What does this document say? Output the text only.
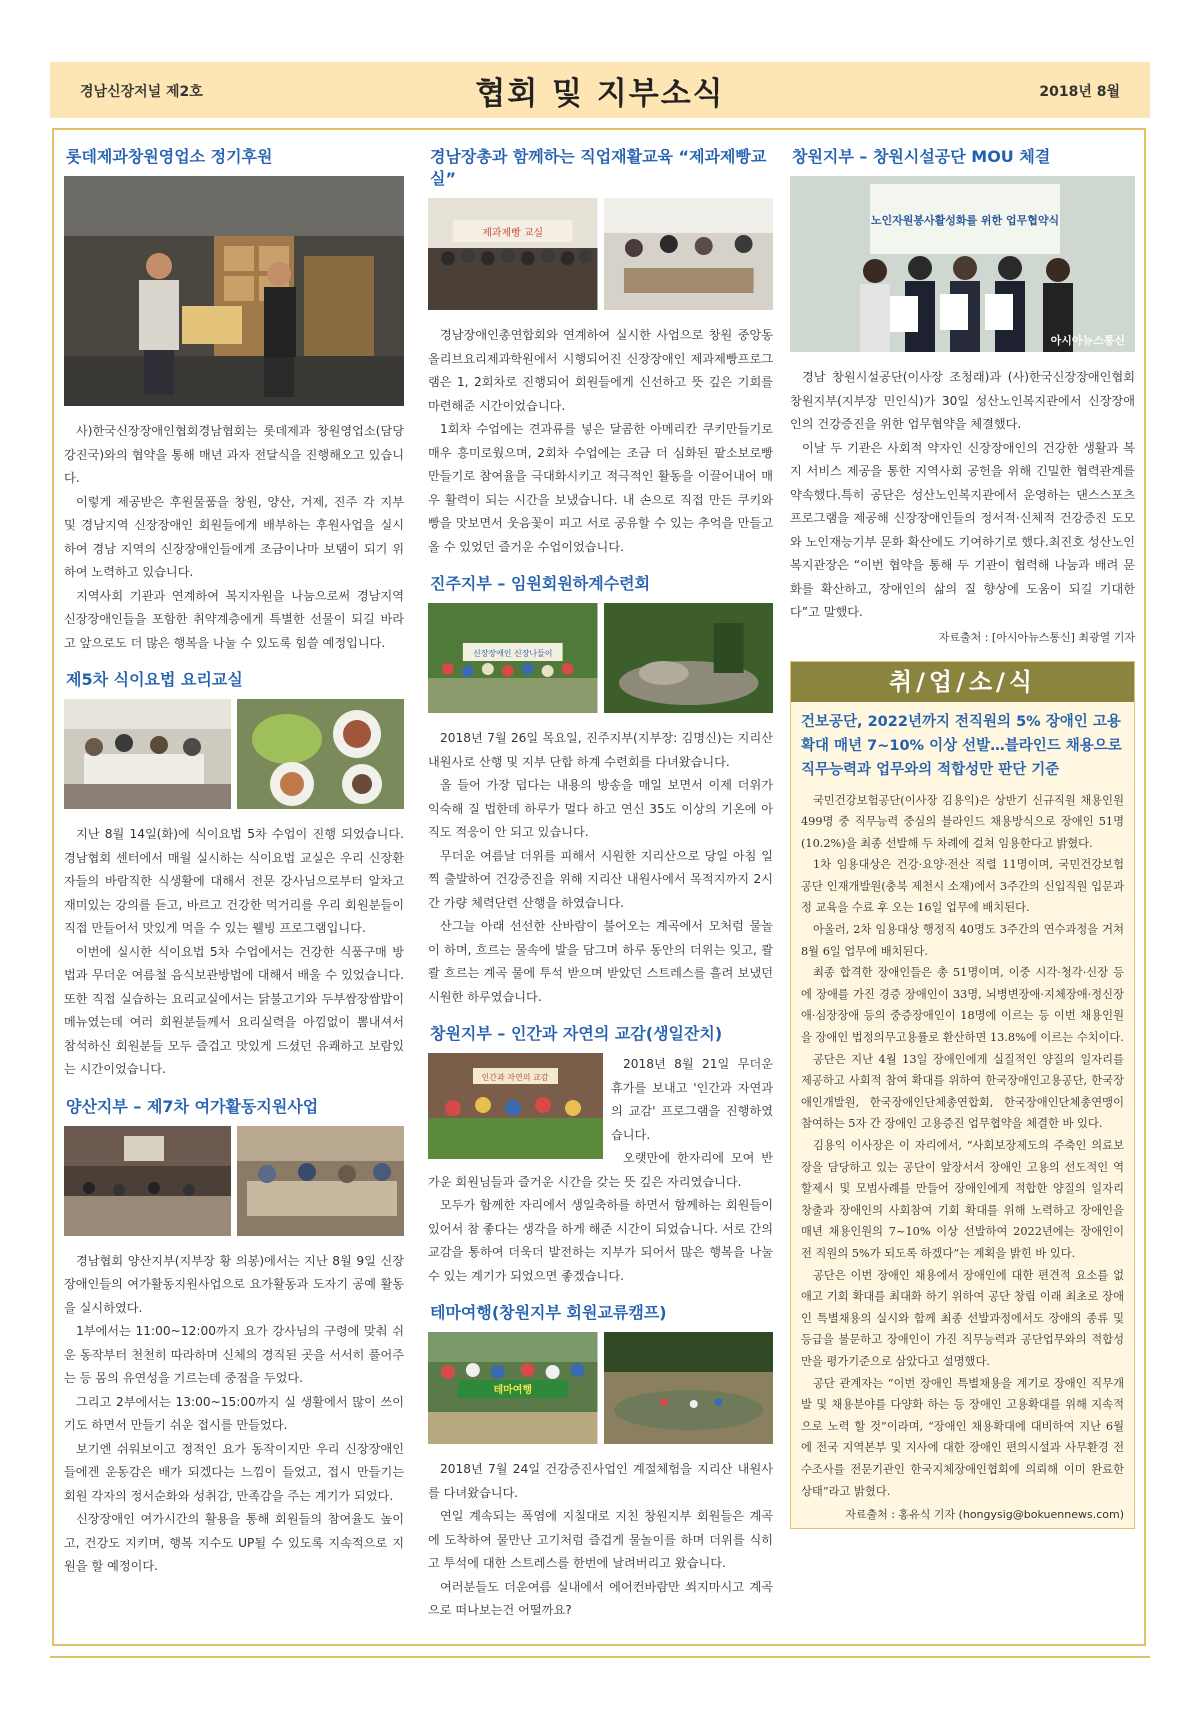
경남신장저널 제2호	협회 및 지부소식	2018년 8월
롯데제과창원영업소 정기후원

사)한국신장장애인협회경남협회는 롯데제과 창원영업소(담당 강진국)와의 협약을 통해 매년 과자 전달식을 진행해오고 있습니다.

이렇게 제공받은 후원물품을 창원, 양산, 거제, 진주 각 지부 및 경남지역 신장장애인 회원들에게 배부하는 후원사업을 실시하여 경남 지역의 신장장애인들에게 조금이나마 보탬이 되기 위하여 노력하고 있습니다.

지역사회 기관과 연계하여 복지자원을 나눔으로써 경남지역 신장장애인들을 포함한 취약계층에게 특별한 선물이 되길 바라고 앞으로도 더 많은 행복을 나눌 수 있도록 힘쓸 예정입니다.

제5차 식이요법 요리교실

지난 8월 14일(화)에 식이요법 5차 수업이 진행 되었습니다. 경남협회 센터에서 매월 실시하는 식이요법 교실은 우리 신장환자들의 바람직한 식생활에 대해서 전문 강사님으로부터 알차고 재미있는 강의를 듣고, 바르고 건강한 먹거리를 우리 회원분들이 직접 만들어서 맛있게 먹을 수 있는 웰빙 프로그램입니다.

이번에 실시한 식이요법 5차 수업에서는 건강한 식품구매 방법과 무더운 여름철 음식보관방법에 대해서 배울 수 있었습니다. 또한 직접 실습하는 요리교실에서는 닭불고기와 두부쌈장쌈밥이 메뉴였는데 여러 회원분들께서 요리실력을 아낌없이 뽐내셔서 참석하신 회원분들 모두 즐겁고 맛있게 드셨던 유쾌하고 보람있는 시간이었습니다.

양산지부 – 제7차 여가활동지원사업

경남협회 양산지부(지부장 황 의봉)에서는 지난 8월 9일 신장장애인들의 여가활동지원사업으로 요가활동과 도자기 공예 활동을 실시하였다.

1부에서는 11:00~12:00까지 요가 강사님의 구령에 맞춰 쉬운 동작부터 천천히 따라하며 신체의 경직된 곳을 서서히 풀어주는 등 몸의 유연성을 기르는데 중점을 두었다.

그리고 2부에서는 13:00~15:00까지 실 생활에서 많이 쓰이기도 하면서 만들기 쉬운 접시를 만들었다.

보기엔 쉬워보이고 정적인 요가 동작이지만 우리 신장장애인들에겐 운동감은 배가 되겠다는 느낌이 들었고, 접시 만들기는 회원 각자의 정서순화와 성취감, 만족감을 주는 계기가 되었다.

신장장애인 여가시간의 활용을 통해 회원들의 참여율도 높이고, 건강도 지키며, 행복 지수도 UP될 수 있도록 지속적으로 지원을 할 예정이다.

경남장총과 함께하는 직업재활교육 “제과제빵교실”
제과제빵 교실

경남장애인총연합회와 연계하여 실시한 사업으로 창원 중앙동 올리브요리제과학원에서 시행되어진 신장장애인 제과제빵프로그램은 1, 2회차로 진행되어 회원들에게 신선하고 뜻 깊은 기회를 마련해준 시간이었습니다.

1회차 수업에는 견과류를 넣은 달콤한 아메리칸 쿠키만들기로 매우 흥미로웠으며, 2회차 수업에는 조금 더 심화된 팥소보로빵 만들기로 참여율을 극대화시키고 적극적인 활동을 이끌어내어 매우 활력이 되는 시간을 보냈습니다. 내 손으로 직접 만든 쿠키와 빵을 맛보면서 웃음꽃이 피고 서로 공유할 수 있는 추억을 만들고 올 수 있었던 즐거운 수업이었습니다.

진주지부 – 임원회원하계수련회
신장장애인 신장나들이

2018년 7월 26일 목요일, 진주지부(지부장: 김명신)는 지리산 내원사로 산행 및 지부 단합 하계 수련회를 다녀왔습니다.

올 들어 가장 덥다는 내용의 방송을 매일 보면서 이제 더위가 익숙해 질 법한데 하루가 멀다 하고 연신 35도 이상의 기온에 아직도 적응이 안 되고 있습니다.

무더운 여름날 더위를 피해서 시원한 지리산으로 당일 아침 일찍 출발하여 건강증진을 위해 지리산 내원사에서 목적지까지 2시간 가량 체력단련 산행을 하였습니다.

산그늘 아래 선선한 산바람이 불어오는 계곡에서 모처럼 물놀이 하며, 흐르는 물속에 발을 담그며 하루 동안의 더위는 잊고, 콸콸 흐르는 계곡 물에 투석 받으며 받았던 스트레스를 흘려 보냈던 시원한 하루였습니다.

창원지부 – 인간과 자연의 교감(생일잔치)
인간과 자연의 교감

2018년 8월 21일 무더운 휴가를 보내고 '인간과 자연과의 교감' 프로그램을 진행하였습니다.

오랫만에 한자리에 모여 반가운 회원님들과 즐거운 시간을 갖는 뜻 깊은 자리였습니다.

모두가 함께한 자리에서 생일축하를 하면서 함께하는 회원들이 있어서 참 좋다는 생각을 하게 해준 시간이 되었습니다. 서로 간의 교감을 통하여 더욱더 발전하는 지부가 되어서 많은 행복을 나눌 수 있는 계기가 되었으면 좋겠습니다.

테마여행(창원지부 회원교류캠프)
테마여행

2018년 7월 24일 건강증진사업인 계절체험을 지리산 내원사를 다녀왔습니다.

연일 계속되는 폭염에 지칠대로 지친 창원지부 회원들은 계곡에 도착하여 물만난 고기처럼 즐겁게 물놀이를 하며 더위를 식히고 투석에 대한 스트레스를 한번에 날려버리고 왔습니다.

여러분들도 더운여름 실내에서 에어컨바람만 쐬지마시고 계곡으로 떠나보는건 어떨까요?

창원지부 – 창원시설공단 MOU 체결
노인자원봉사활성화를 위한 업무협약식
아시아뉴스통신

경남 창원시설공단(이사장 조청래)과 (사)한국신장장애인협회 창원지부(지부장 민인식)가 30일 성산노인복지관에서 신장장애인의 건강증진을 위한 업무협약을 체결했다.

이날 두 기관은 사회적 약자인 신장장애인의 건강한 생활과 복지 서비스 제공을 통한 지역사회 공헌을 위해 긴밀한 협력관계를 약속했다.특히 공단은 성산노인복지관에서 운영하는 댄스스포츠 프로그램을 제공해 신장장애인들의 정서적·신체적 건강증진 도모와 노인재능기부 문화 확산에도 기여하기로 했다.최진호 성산노인복지관장은 “이번 협약을 통해 두 기관이 협력해 나눔과 배려 문화를 확산하고, 장애인의 삶의 질 향상에 도움이 되길 기대한다”고 말했다.

자료출처 : [아시아뉴스통신] 최광열 기자
취/업/소/식
건보공단, 2022년까지 전직원의 5% 장애인 고용 확대 매년 7~10% 이상 선발…블라인드 채용으로 직무능력과 업무와의 적합성만 판단 기준

국민건강보험공단(이사장 김용익)은 상반기 신규직원 채용인원 499명 중 직무능력 중심의 블라인드 채용방식으로 장애인 51명(10.2%)을 최종 선발해 두 차례에 걸쳐 임용한다고 밝혔다.

1차 임용대상은 건강·요양·전산 직렬 11명이며, 국민건강보험공단 인재개발원(충북 제천시 소재)에서 3주간의 신입직원 입문과정 교육을 수료 후 오는 16일 업무에 배치된다.

아울러, 2차 임용대상 행정직 40명도 3주간의 연수과정을 거쳐 8월 6일 업무에 배치된다.

최종 합격한 장애인들은 총 51명이며, 이중 시각·청각·신장 등에 장애를 가진 경증 장애인이 33명, 뇌병변장애·지체장애·정신장애·심장장애 등의 중증장애인이 18명에 이르는 등 이번 채용인원을 장애인 법정의무고용률로 환산하면 13.8%에 이르는 수치이다.

공단은 지난 4월 13일 장애인에게 실질적인 양질의 일자리를 제공하고 사회적 참여 확대를 위하여 한국장애인고용공단, 한국장애인개발원, 한국장애인단체총연합회, 한국장애인단체총연맹이 참여하는 5자 간 장애인 고용증진 업무협약을 체결한 바 있다.

김용익 이사장은 이 자리에서, “사회보장제도의 주축인 의료보장을 담당하고 있는 공단이 앞장서서 장애인 고용의 선도적인 역할제시 및 모범사례를 만들어 장애인에게 적합한 양질의 일자리 창출과 장애인의 사회참여 기회 확대를 위해 노력하고 장애인을 매년 채용인원의 7~10% 이상 선발하여 2022년에는 장애인이 전 직원의 5%가 되도록 하겠다”는 계획을 밝힌 바 있다.

공단은 이번 장애인 채용에서 장애인에 대한 편견적 요소를 없애고 기회 확대를 최대화 하기 위하여 공단 창립 이래 최초로 장애인 특별채용의 실시와 함께 최종 선발과정에서도 장애의 종류 및 등급을 불문하고 장애인이 가진 직무능력과 공단업무와의 적합성만을 평가기준으로 삼았다고 설명했다.

공단 관계자는 “이번 장애인 특별채용을 계기로 장애인 직무개발 및 채용분야를 다양화 하는 등 장애인 고용확대를 위해 지속적으로 노력 할 것”이라며, “장애인 채용확대에 대비하여 지난 6월에 전국 지역본부 및 지사에 대한 장애인 편의시설과 사무환경 전수조사를 전문기관인 한국지체장애인협회에 의뢰해 이미 완료한 상태”라고 밝혔다.

자료출처 : 홍유식 기자 (hongysig@bokuennews.com)
